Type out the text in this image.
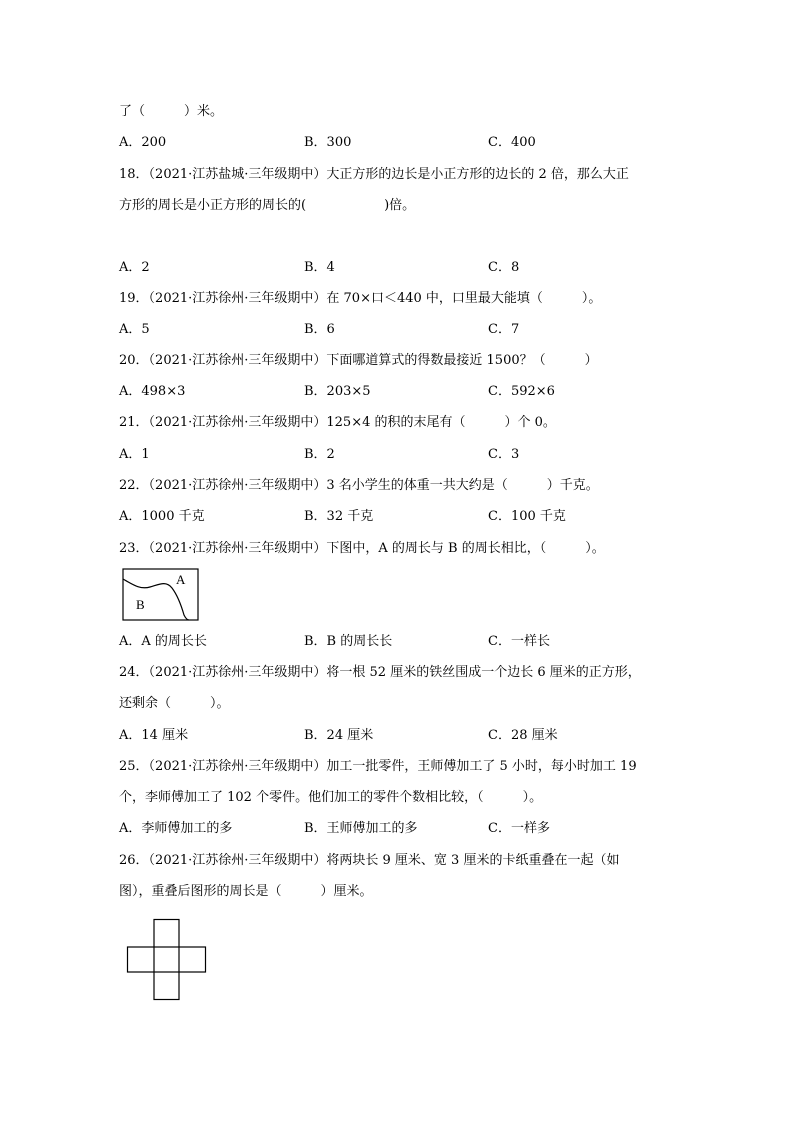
了（　　　）米。
A．200	B．300	C．400
18．（2021·江苏盐城·三年级期中）大正方形的边长是小正方形的边长的 2 倍，那么大正
方形的周长是小正方形的周长的(　　　　　　)倍。
A．2	B．4	C．8
19．（2021·江苏徐州·三年级期中）在 70×口＜440 中，口里最大能填（　　　）。
A．5	B．6	C．7
20．（2021·江苏徐州·三年级期中）下面哪道算式的得数最接近 1500？（　　　）
A．498×3	B．203×5	C．592×6
21．（2021·江苏徐州·三年级期中）125×4 的积的末尾有（　　　）个 0。
A．1	B．2	C．3
22．（2021·江苏徐州·三年级期中）3 名小学生的体重一共大约是（　　　）千克。
A．1000 千克	B．32 千克	C．100 千克
23．（2021·江苏徐州·三年级期中）下图中，A 的周长与 B 的周长相比，（　　　）。
A
B
A．A 的周长长	B．B 的周长长	C．一样长
24．（2021·江苏徐州·三年级期中）将一根 52 厘米的铁丝围成一个边长 6 厘米的正方形，
还剩余（　　　）。
A．14 厘米	B．24 厘米	C．28 厘米
25．（2021·江苏徐州·三年级期中）加工一批零件，王师傅加工了 5 小时，每小时加工 19
个，李师傅加工了 102 个零件。他们加工的零件个数相比较，（　　　）。
A．李师傅加工的多	B．王师傅加工的多	C．一样多
26．（2021·江苏徐州·三年级期中）将两块长 9 厘米、宽 3 厘米的卡纸重叠在一起（如
图），重叠后图形的周长是（　　　）厘米。
